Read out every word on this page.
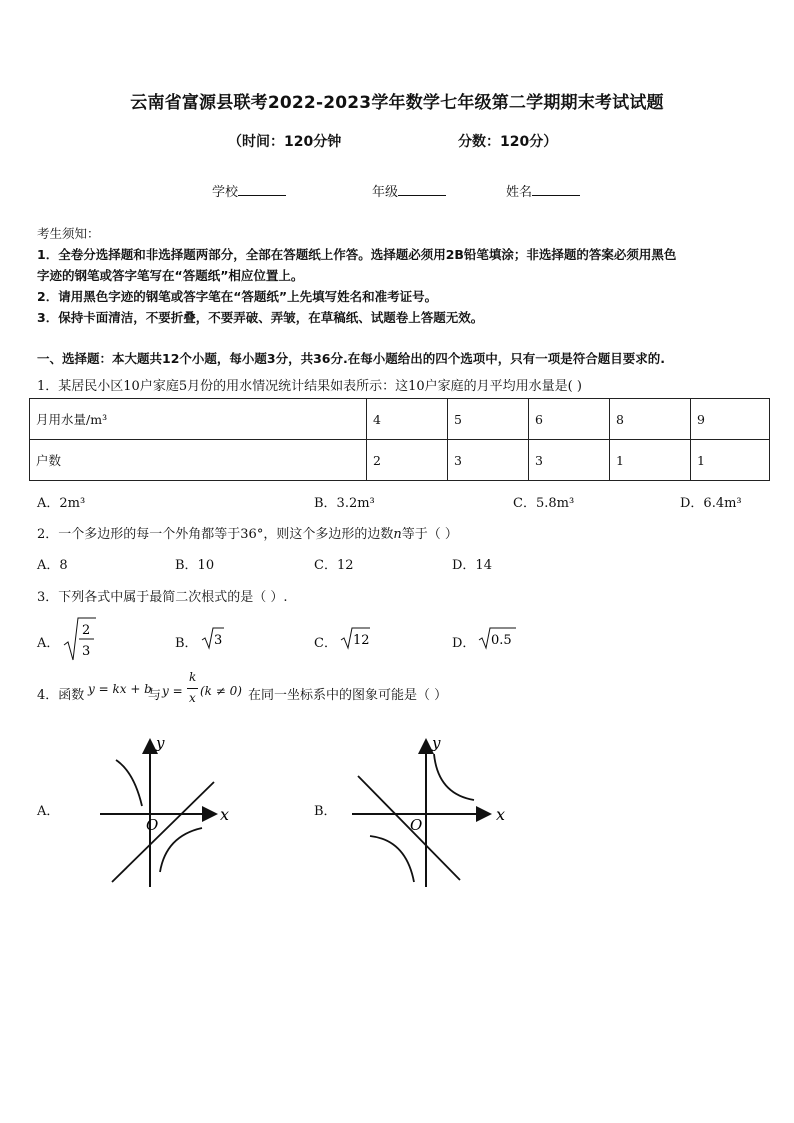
云南省富源县联考2022-2023学年数学七年级第二学期期末考试试题
（时间：120分钟	分数：120分）
学校	年级	姓名
考生须知：
1．全卷分选择题和非选择题两部分，全部在答题纸上作答。选择题必须用2B铅笔填涂；非选择题的答案必须用黑色
字迹的钢笔或答字笔写在“答题纸”相应位置上。
2．请用黑色字迹的钢笔或答字笔在“答题纸”上先填写姓名和准考证号。
3．保持卡面清洁，不要折叠，不要弄破、弄皱，在草稿纸、试题卷上答题无效。
一、选择题：本大题共12个小题，每小题3分，共36分.在每小题给出的四个选项中，只有一项是符合题目要求的.
1．某居民小区10户家庭5月份的用水情况统计结果如表所示：这10户家庭的月平均用水量是( )
月用水量/m³	4	5	6	8	9
户数	2	3	3	1	1
A．2m³	B．3.2m³	C．5.8m³	D．6.4m³
2．一个多边形的每一个外角都等于36°，则这个多边形的边数n等于（ ）
A．8	B．10	C．12	D．14
3．下列各式中属于最简二次根式的是（ ）.
A．
2
3
B． 3	C． 12	D． 0.5
4．函数 y = kx + b
与 y =
k
x (k ≠ 0) 在同一坐标系中的图象可能是（ ）
A．	x
y
O
B．	x
y
O
